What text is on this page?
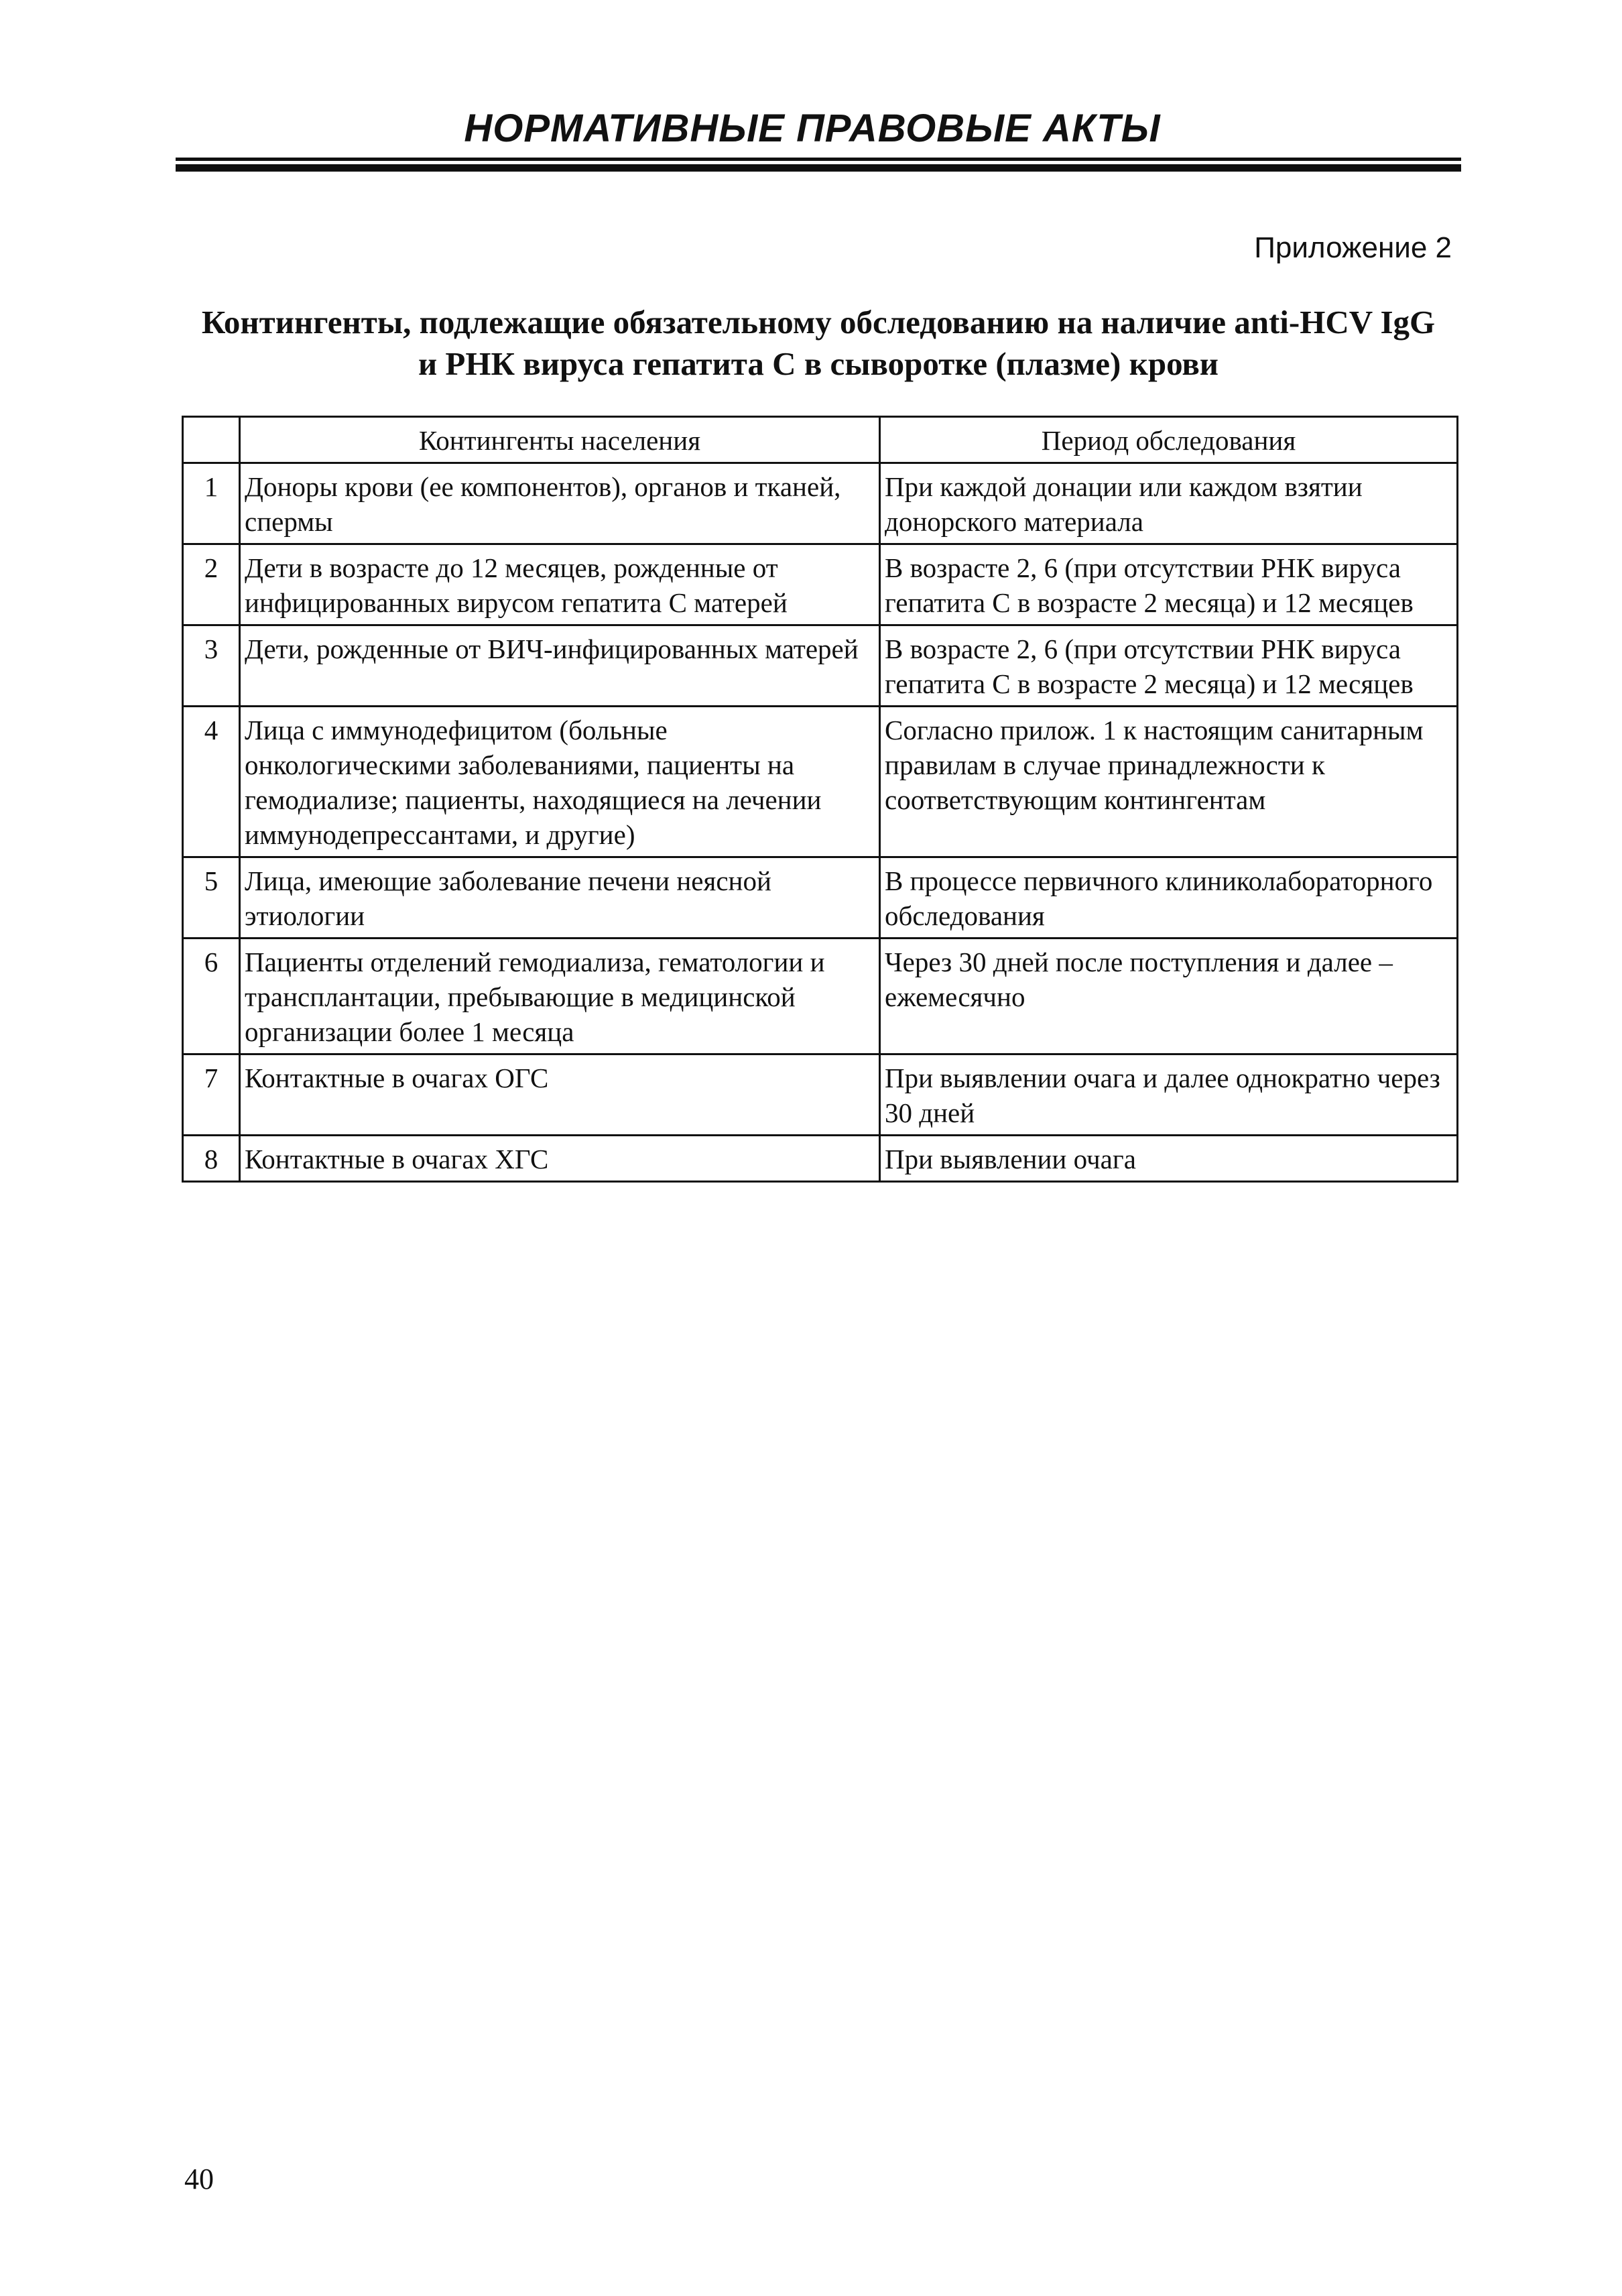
НОРМАТИВНЫЕ ПРАВОВЫЕ АКТЫ
Приложение 2
Контингенты, подлежащие обязательному обследованию на наличие anti-HCV IgG
и РНК вируса гепатита С в сыворотке (плазме) крови
	Контингенты населения	Период обследования
1	Доноры крови (ее компонентов), органов и тканей, спермы	При каждой донации или каждом взятии донорского материала
2	Дети в возрасте до 12 месяцев, рожденные от инфицированных вирусом гепатита С матерей	В возрасте 2, 6 (при отсутствии РНК вируса гепатита С в возрасте 2 месяца) и 12 месяцев
3	Дети, рожденные от ВИЧ-инфицированных матерей	В возрасте 2, 6 (при отсутствии РНК вируса гепатита С в возрасте 2 месяца) и 12 месяцев
4	Лица с иммунодефицитом (больные онкологическими заболеваниями, пациенты на гемодиализе; пациенты, находящиеся на лечении иммунодепрессантами, и другие)	Согласно прилож. 1 к настоящим санитарным правилам в случае принадлежности к соответствующим контингентам
5	Лица, имеющие заболевание печени неясной этиологии	В процессе первичного клиниколабораторного обследования
6	Пациенты отделений гемодиализа, гематологии и трансплантации, пребывающие в медицинской организации более 1 месяца	Через 30 дней после поступления и далее – ежемесячно
7	Контактные в очагах ОГС	При выявлении очага и далее однократно через 30 дней
8	Контактные в очагах ХГС	При выявлении очага
40
